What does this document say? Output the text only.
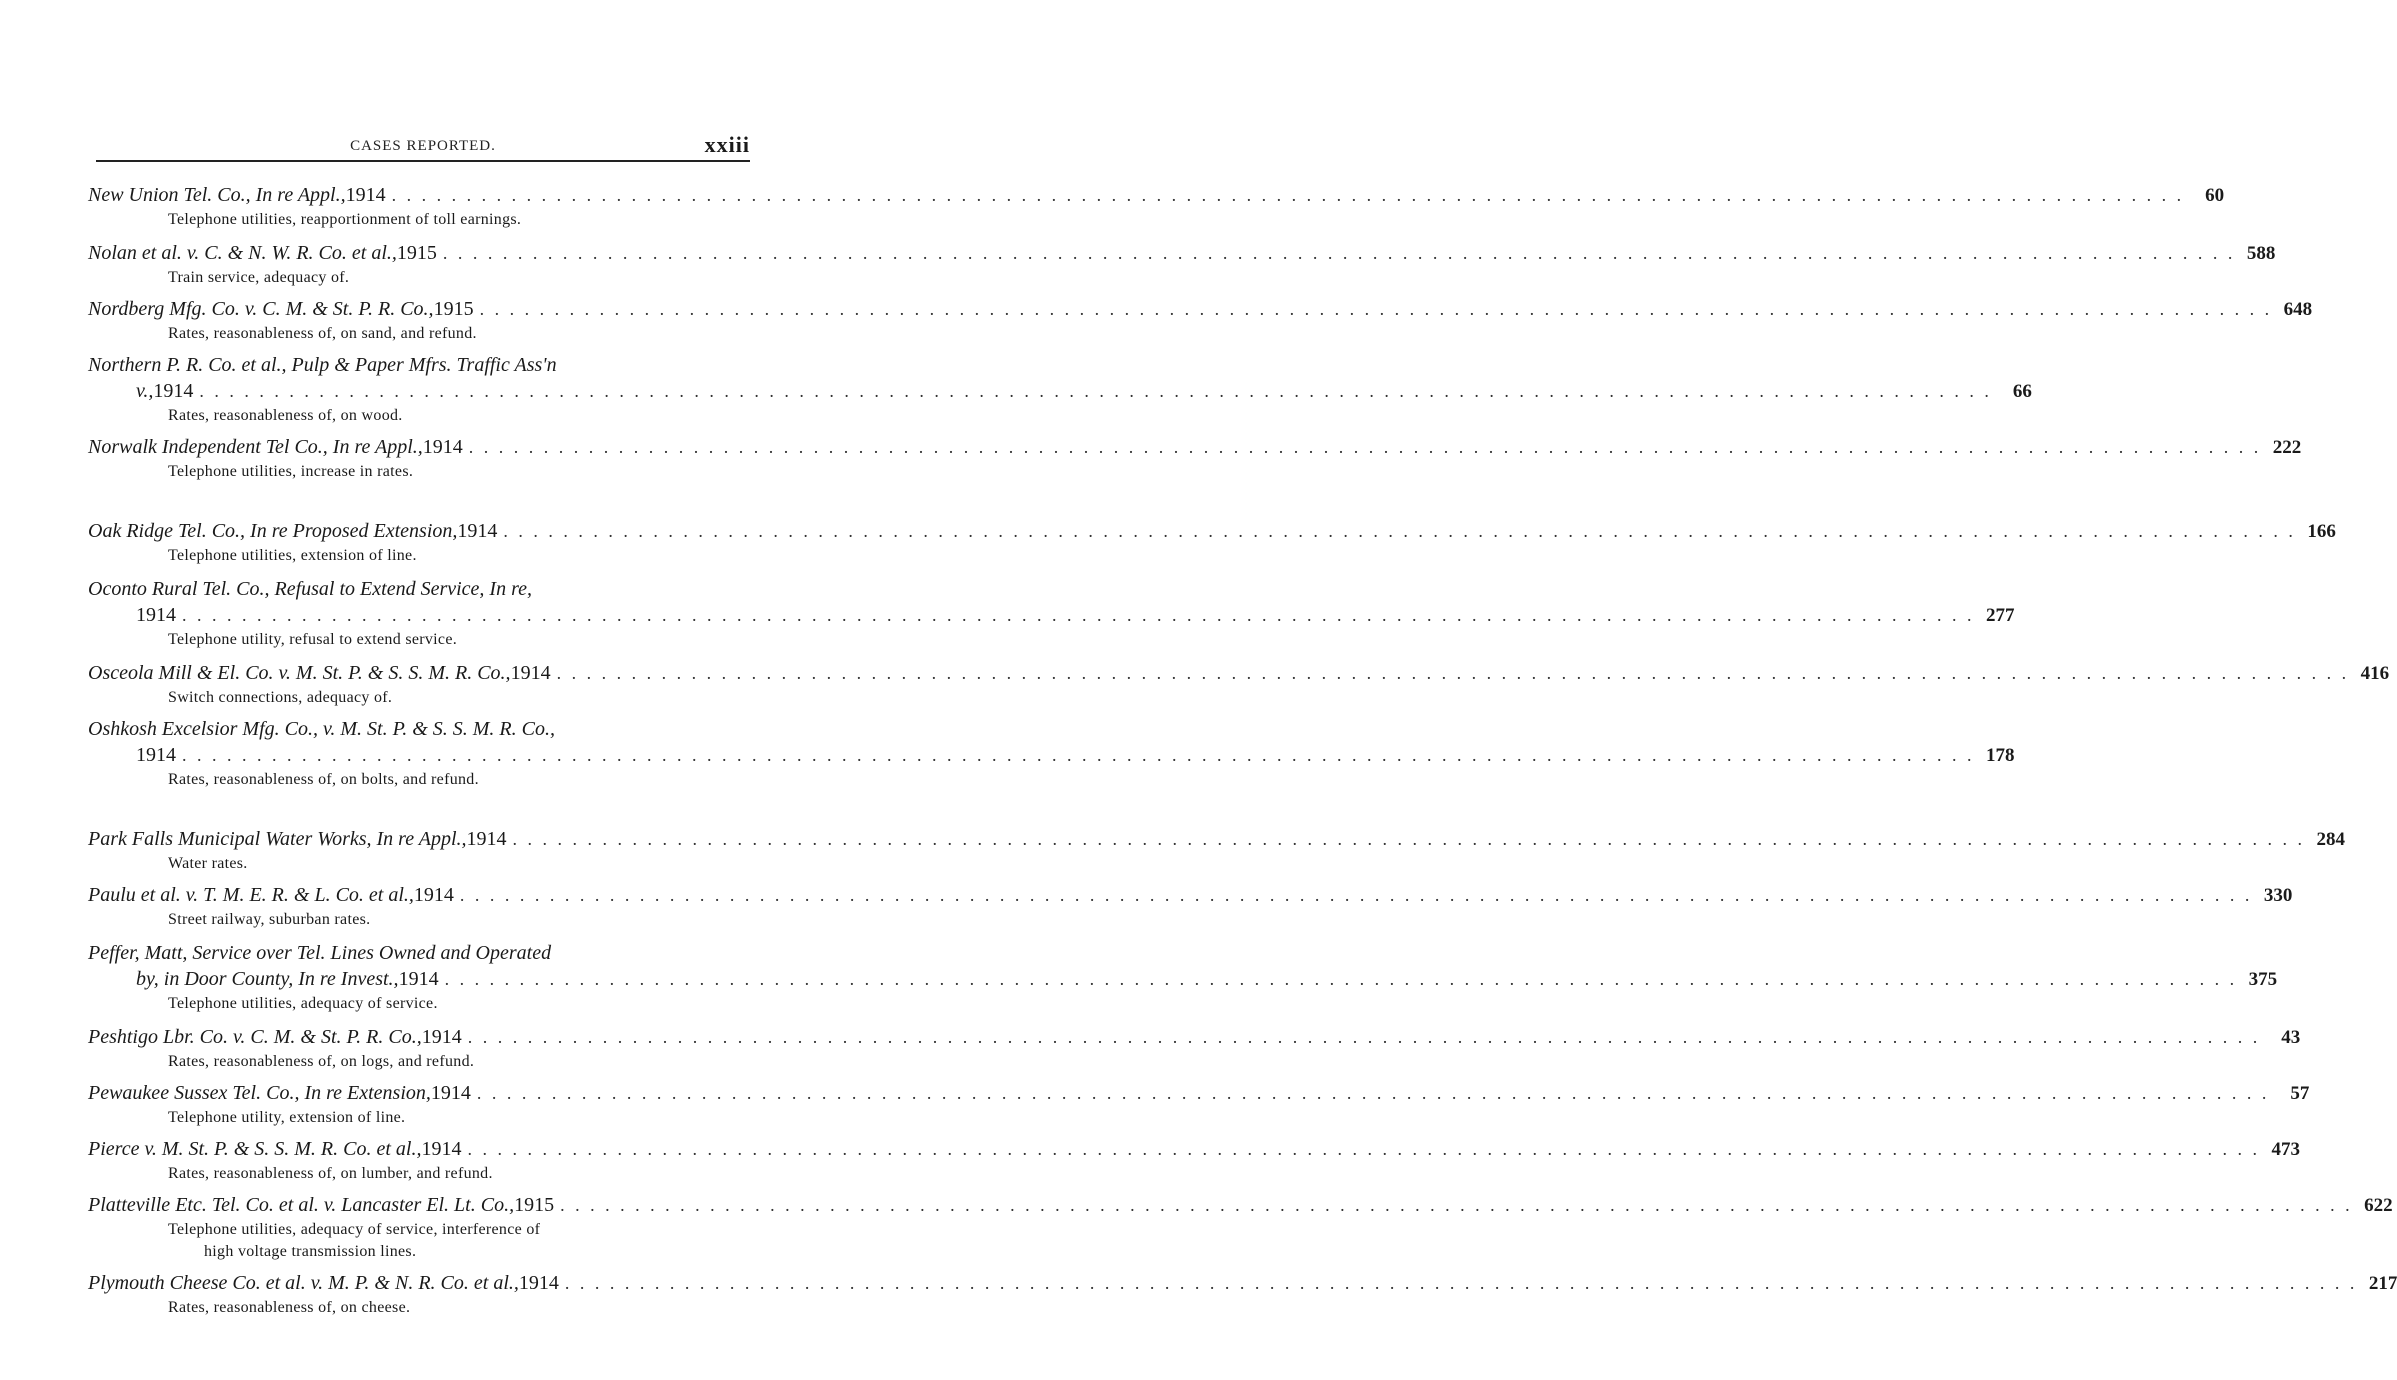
CASES REPORTED.	xxiii
New Union Tel. Co., In re Appl., 1914 . . . . . . . . . . . . . . . . . . . . . . . . . . . . . . . . . . . . . . . . . . . . . . . . . . . . . . . . . . . . . . . . . . . . . . . . . . . . . . . . . . . . . . . . . . . . . . . . . . . . . . . . . . . . . . . . . . . . . . . .	60
Telephone utilities, reapportionment of toll earnings.
Nolan et al. v. C. & N. W. R. Co. et al., 1915 . . . . . . . . . . . . . . . . . . . . . . . . . . . . . . . . . . . . . . . . . . . . . . . . . . . . . . . . . . . . . . . . . . . . . . . . . . . . . . . . . . . . . . . . . . . . . . . . . . . . . . . . . . . . . . . . . . . . . . . . 588
Train service, adequacy of.
Nordberg Mfg. Co. v. C. M. & St. P. R. Co., 1915 . . . . . . . . . . . . . . . . . . . . . . . . . . . . . . . . . . . . . . . . . . . . . . . . . . . . . . . . . . . . . . . . . . . . . . . . . . . . . . . . . . . . . . . . . . . . . . . . . . . . . . . . . . . . . . . . . . . . . . . . 648
Rates, reasonableness of, on sand, and refund.
Northern P. R. Co. et al., Pulp & Paper Mfrs. Traffic Ass'n
v., 1914 . . . . . . . . . . . . . . . . . . . . . . . . . . . . . . . . . . . . . . . . . . . . . . . . . . . . . . . . . . . . . . . . . . . . . . . . . . . . . . . . . . . . . . . . . . . . . . . . . . . . . . . . . . . . . . . . . . . . . . . .	66
Rates, reasonableness of, on wood.
Norwalk Independent Tel Co., In re Appl., 1914 . . . . . . . . . . . . . . . . . . . . . . . . . . . . . . . . . . . . . . . . . . . . . . . . . . . . . . . . . . . . . . . . . . . . . . . . . . . . . . . . . . . . . . . . . . . . . . . . . . . . . . . . . . . . . . . . . . . . . . . . 222
Telephone utilities, increase in rates.
Oak Ridge Tel. Co., In re Proposed Extension, 1914 . . . . . . . . . . . . . . . . . . . . . . . . . . . . . . . . . . . . . . . . . . . . . . . . . . . . . . . . . . . . . . . . . . . . . . . . . . . . . . . . . . . . . . . . . . . . . . . . . . . . . . . . . . . . . . . . . . . . . . . . 166
Telephone utilities, extension of line.
Oconto Rural Tel. Co., Refusal to Extend Service, In re,
1914 . . . . . . . . . . . . . . . . . . . . . . . . . . . . . . . . . . . . . . . . . . . . . . . . . . . . . . . . . . . . . . . . . . . . . . . . . . . . . . . . . . . . . . . . . . . . . . . . . . . . . . . . . . . . . . . . . . . . . . . . 277
Telephone utility, refusal to extend service.
Osceola Mill & El. Co. v. M. St. P. & S. S. M. R. Co., 1914 . . . . . . . . . . . . . . . . . . . . . . . . . . . . . . . . . . . . . . . . . . . . . . . . . . . . . . . . . . . . . . . . . . . . . . . . . . . . . . . . . . . . . . . . . . . . . . . . . . . . . . . . . . . . . . . . . . . . . . . . 416
Switch connections, adequacy of.
Oshkosh Excelsior Mfg. Co., v. M. St. P. & S. S. M. R. Co.,
1914 . . . . . . . . . . . . . . . . . . . . . . . . . . . . . . . . . . . . . . . . . . . . . . . . . . . . . . . . . . . . . . . . . . . . . . . . . . . . . . . . . . . . . . . . . . . . . . . . . . . . . . . . . . . . . . . . . . . . . . . . 178
Rates, reasonableness of, on bolts, and refund.
Park Falls Municipal Water Works, In re Appl., 1914 . . . . . . . . . . . . . . . . . . . . . . . . . . . . . . . . . . . . . . . . . . . . . . . . . . . . . . . . . . . . . . . . . . . . . . . . . . . . . . . . . . . . . . . . . . . . . . . . . . . . . . . . . . . . . . . . . . . . . . . . 284
Water rates.
Paulu et al. v. T. M. E. R. & L. Co. et al., 1914 . . . . . . . . . . . . . . . . . . . . . . . . . . . . . . . . . . . . . . . . . . . . . . . . . . . . . . . . . . . . . . . . . . . . . . . . . . . . . . . . . . . . . . . . . . . . . . . . . . . . . . . . . . . . . . . . . . . . . . . . 330
Street railway, suburban rates.
Peffer, Matt, Service over Tel. Lines Owned and Operated
by, in Door County, In re Invest., 1914 . . . . . . . . . . . . . . . . . . . . . . . . . . . . . . . . . . . . . . . . . . . . . . . . . . . . . . . . . . . . . . . . . . . . . . . . . . . . . . . . . . . . . . . . . . . . . . . . . . . . . . . . . . . . . . . . . . . . . . . . 375
Telephone utilities, adequacy of service.
Peshtigo Lbr. Co. v. C. M. & St. P. R. Co., 1914 . . . . . . . . . . . . . . . . . . . . . . . . . . . . . . . . . . . . . . . . . . . . . . . . . . . . . . . . . . . . . . . . . . . . . . . . . . . . . . . . . . . . . . . . . . . . . . . . . . . . . . . . . . . . . . . . . . . . . . . .	43
Rates, reasonableness of, on logs, and refund.
Pewaukee Sussex Tel. Co., In re Extension, 1914 . . . . . . . . . . . . . . . . . . . . . . . . . . . . . . . . . . . . . . . . . . . . . . . . . . . . . . . . . . . . . . . . . . . . . . . . . . . . . . . . . . . . . . . . . . . . . . . . . . . . . . . . . . . . . . . . . . . . . . . .	57
Telephone utility, extension of line.
Pierce v. M. St. P. & S. S. M. R. Co. et al., 1914 . . . . . . . . . . . . . . . . . . . . . . . . . . . . . . . . . . . . . . . . . . . . . . . . . . . . . . . . . . . . . . . . . . . . . . . . . . . . . . . . . . . . . . . . . . . . . . . . . . . . . . . . . . . . . . . . . . . . . . . . 473
Rates, reasonableness of, on lumber, and refund.
Platteville Etc. Tel. Co. et al. v. Lancaster El. Lt. Co., 1915 . . . . . . . . . . . . . . . . . . . . . . . . . . . . . . . . . . . . . . . . . . . . . . . . . . . . . . . . . . . . . . . . . . . . . . . . . . . . . . . . . . . . . . . . . . . . . . . . . . . . . . . . . . . . . . . . . . . . . . . . 622
Telephone utilities, adequacy of service, interference of
high voltage transmission lines.
Plymouth Cheese Co. et al. v. M. P. & N. R. Co. et al., 1914 . . . . . . . . . . . . . . . . . . . . . . . . . . . . . . . . . . . . . . . . . . . . . . . . . . . . . . . . . . . . . . . . . . . . . . . . . . . . . . . . . . . . . . . . . . . . . . . . . . . . . . . . . . . . . . . . . . . . . . . . 217
Rates, reasonableness of, on cheese.
